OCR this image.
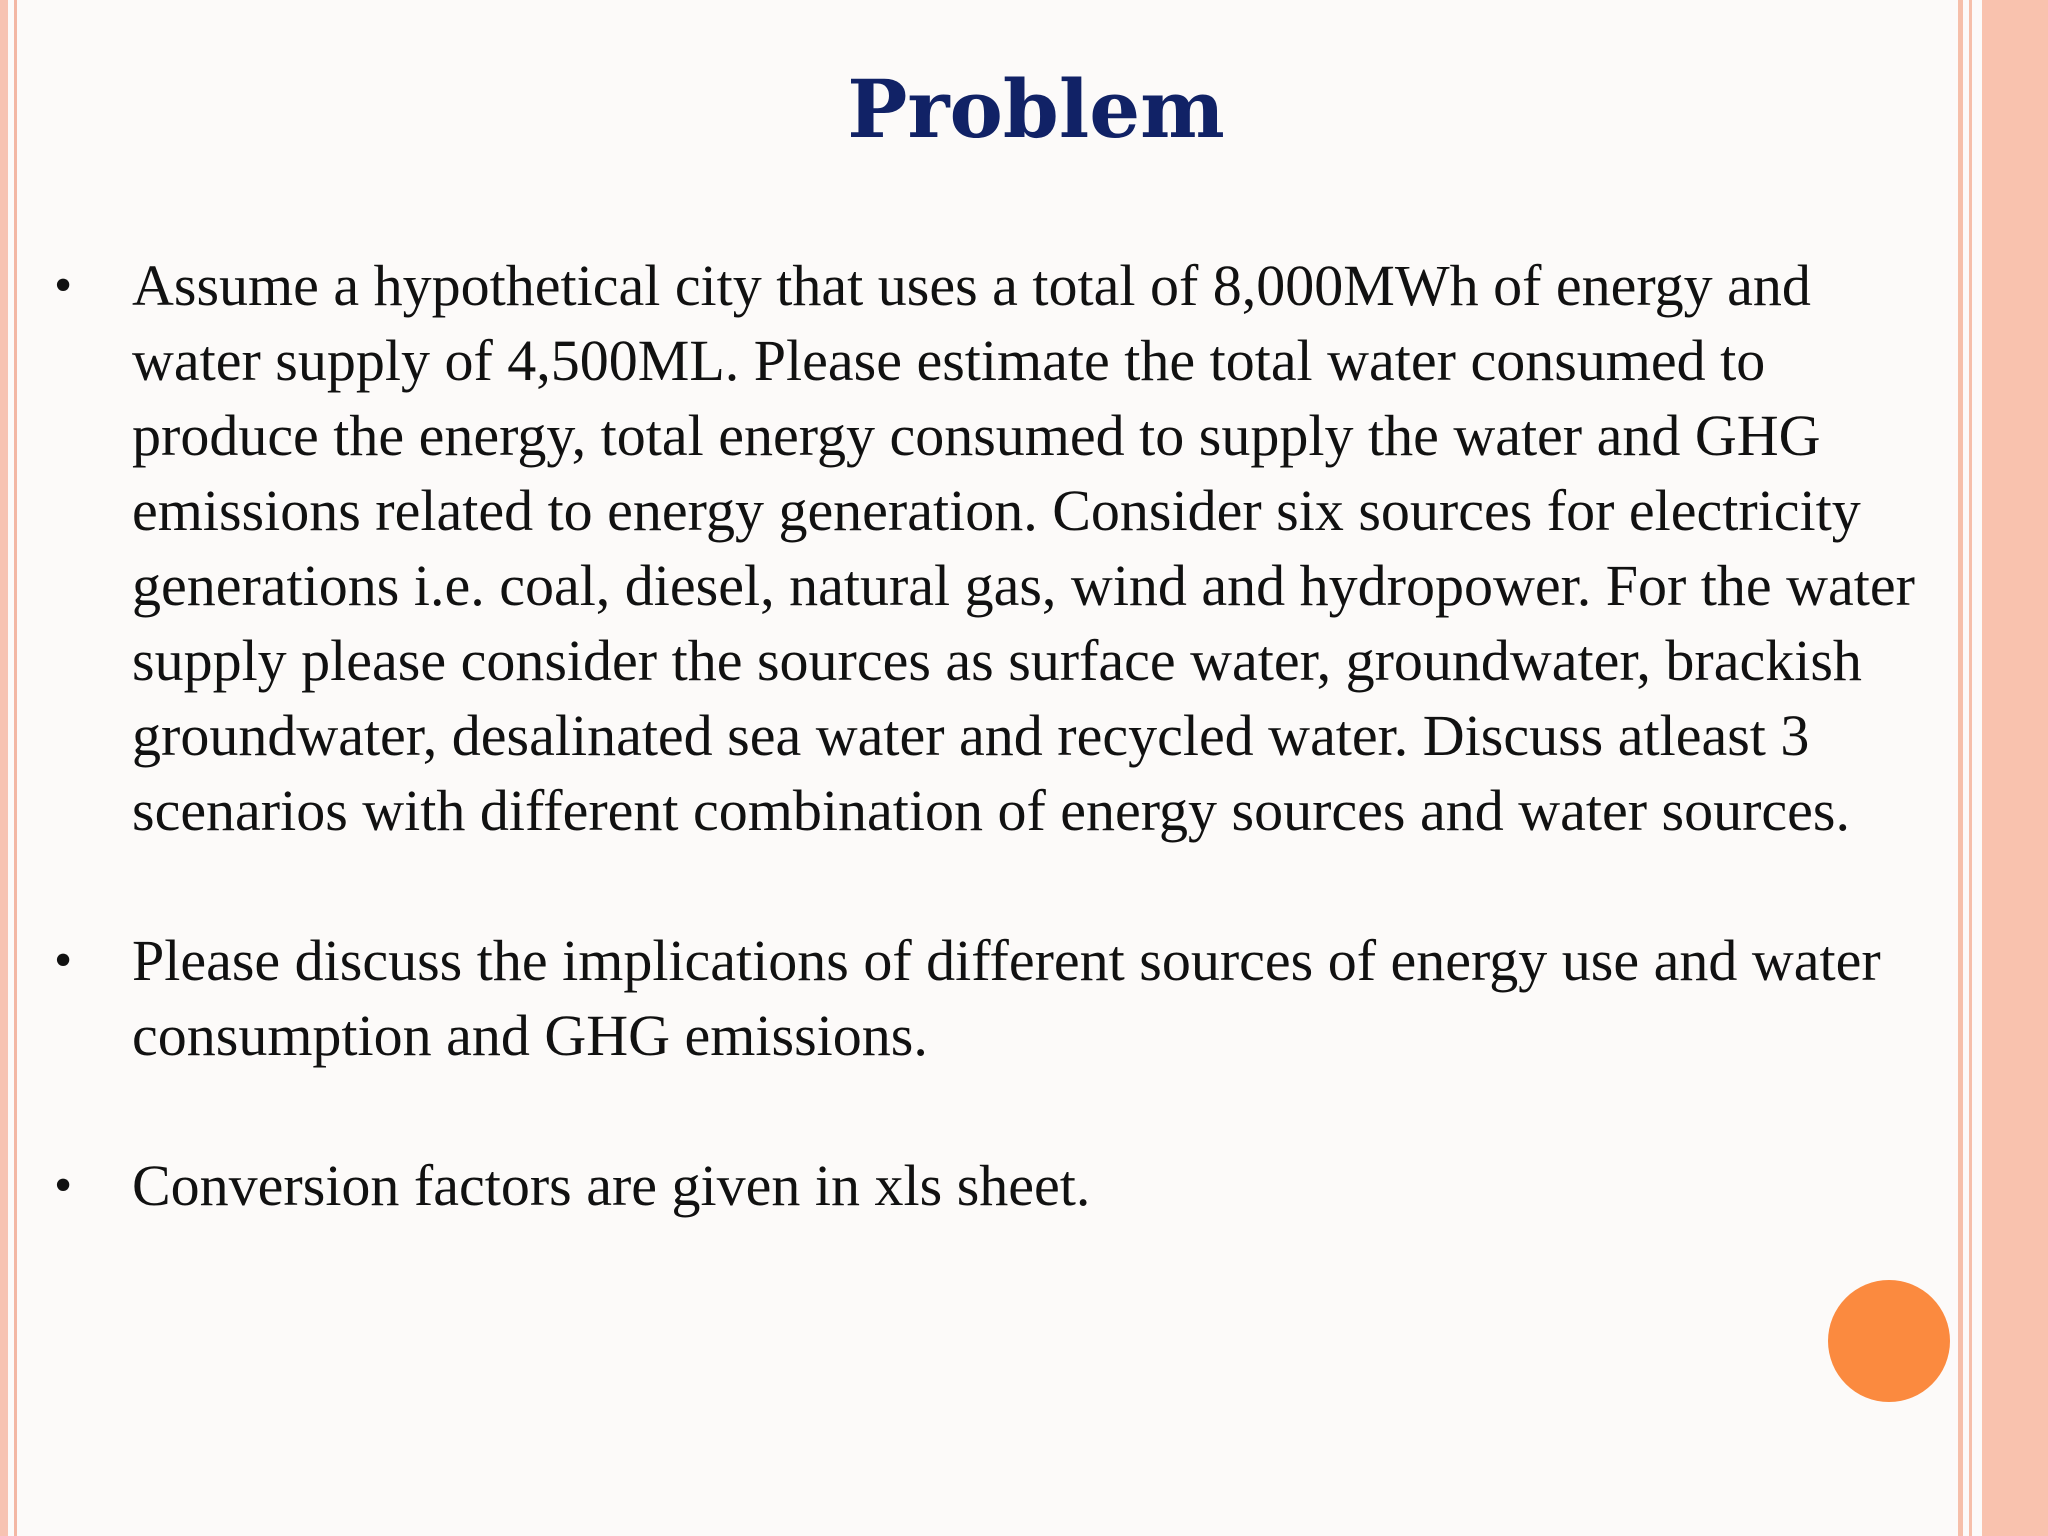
Problem
•	Assume a hypothetical city that uses a total of 8,000MWh of energy and water supply of 4,500ML. Please estimate the total water consumed to produce the energy, total energy consumed to supply the water and GHG emissions related to energy generation. Consider six sources for electricity generations i.e. coal, diesel, natural gas, wind and hydropower. For the water supply please consider the sources as surface water, groundwater, brackish groundwater, desalinated sea water and recycled water. Discuss atleast 3 scenarios with different combination of energy sources and water sources.
•	Please discuss the implications of different sources of energy use and water consumption and GHG emissions.
•	Conversion factors are given in xls sheet.
